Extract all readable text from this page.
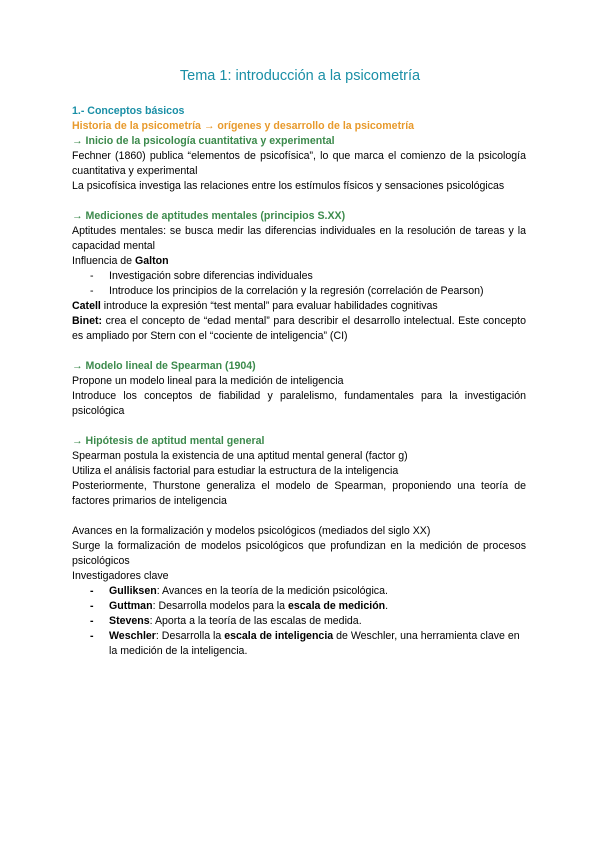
Tema 1: introducción a la psicometría
1.- Conceptos básicos
Historia de la psicometría → orígenes y desarrollo de la psicometría
→ Inicio de la psicología cuantitativa y experimental
Fechner (1860) publica “elementos de psicofísica”, lo que marca el comienzo de la psicología cuantitativa y experimental
La psicofísica investiga las relaciones entre los estímulos físicos y sensaciones psicológicas
→ Mediciones de aptitudes mentales (principios S.XX)
Aptitudes mentales: se busca medir las diferencias individuales en la resolución de tareas y la capacidad mental
Influencia de Galton
- Investigación sobre diferencias individuales
- Introduce los principios de la correlación y la regresión (correlación de Pearson)
Catell introduce la expresión “test mental” para evaluar habilidades cognitivas
Binet: crea el concepto de “edad mental” para describir el desarrollo intelectual. Este concepto es ampliado por Stern con el “cociente de inteligencia” (CI)
→ Modelo lineal de Spearman (1904)
Propone un modelo lineal para la medición de inteligencia
Introduce los conceptos de fiabilidad y paralelismo, fundamentales para la investigación psicológica
→ Hipótesis de aptitud mental general
Spearman postula la existencia de una aptitud mental general (factor g)
Utiliza el análisis factorial para estudiar la estructura de la inteligencia
Posteriormente, Thurstone generaliza el modelo de Spearman, proponiendo una teoría de factores primarios de inteligencia
Avances en la formalización y modelos psicológicos (mediados del siglo XX)
Surge la formalización de modelos psicológicos que profundizan en la medición de procesos psicológicos
Investigadores clave
- Gulliksen: Avances en la teoría de la medición psicológica.
- Guttman: Desarrolla modelos para la escala de medición.
- Stevens: Aporta a la teoría de las escalas de medida.
- Weschler: Desarrolla la escala de inteligencia de Weschler, una herramienta clave en la medición de la inteligencia.
